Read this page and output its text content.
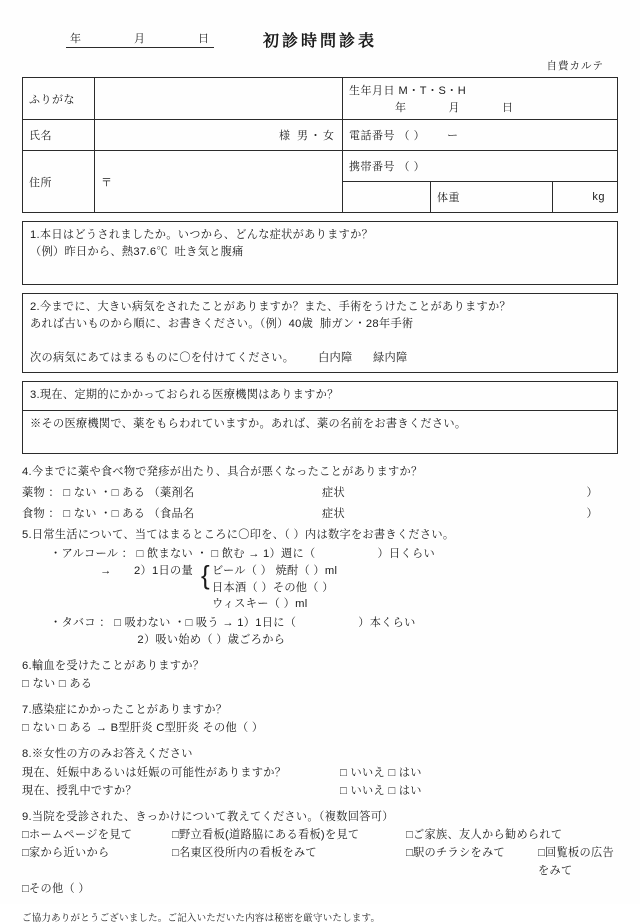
年	月	日	初診時問診表
自費カルテ
ふりがな		生年月日 M・T・S・H
年 月 日		

氏名	様 男・女	電話番号 （ ） ー		
住所	〒	携帯番号 （ ）		
			体重	kg
1.本日はどうされましたか。いつから、どんな症状がありますか？
（例）昨日から、熱37.6℃  吐き気と腹痛
2.今までに、大きい病気をされたことがありますか？また、手術をうけたことがありますか？
あれば古いものから順に、お書きください。（例）40歳  肺ガン・28年手術
次の病気にあてはまるものに〇を付けてください。       白内障      緑内障
3.現在、定期的にかかっておられる医療機関はありますか？
※その医療機関で、薬をもらわれていますか。あれば、薬の名前をお書きください。
4.今までに薬や食べ物で発疹が出たり、具合が悪くなったことがありますか？
薬物 ： □ ない ・□ ある （薬剤名	症状	）
食物 ： □ ない ・□ ある （食品名	症状	）
5.日常生活について、当てはまるところに〇印を、（ ）内は数字をお書きください。
・アルコール ： □ 飲まない ・ □ 飲む → 1）週に（	）日くらい
→	2）1日の量 { ビール（ ） 焼酎（ ）ml
日本酒（ ）その他（ ）
ウィスキー（ ）ml
・タバコ ： □ 吸わない ・□ 吸う → 1）1日に（	）本くらい
2）吸い始め（ ）歳ごろから
6.輸血を受けたことがありますか？
□ ない □ ある
7.感染症にかかったことがありますか？
□ ない □ ある → B型肝炎 C型肝炎 その他（ ）
8.※女性の方のみお答えください
現在、妊娠中あるいは妊娠の可能性がありますか？	□ いいえ □ はい
現在、授乳中ですか？	□ いいえ □ はい
9.当院を受診された、きっかけについて教えてください。（複数回答可）
□ホームページを見て	□野立看板(道路脇にある看板)を見て	□ご家族、友人から勧められて
□家から近いから	□名東区役所内の看板をみて	□駅のチラシをみて	□回覧板の広告をみて
□その他（ ）
ご協力ありがとうございました。ご記入いただいた内容は秘密を厳守いたします。
